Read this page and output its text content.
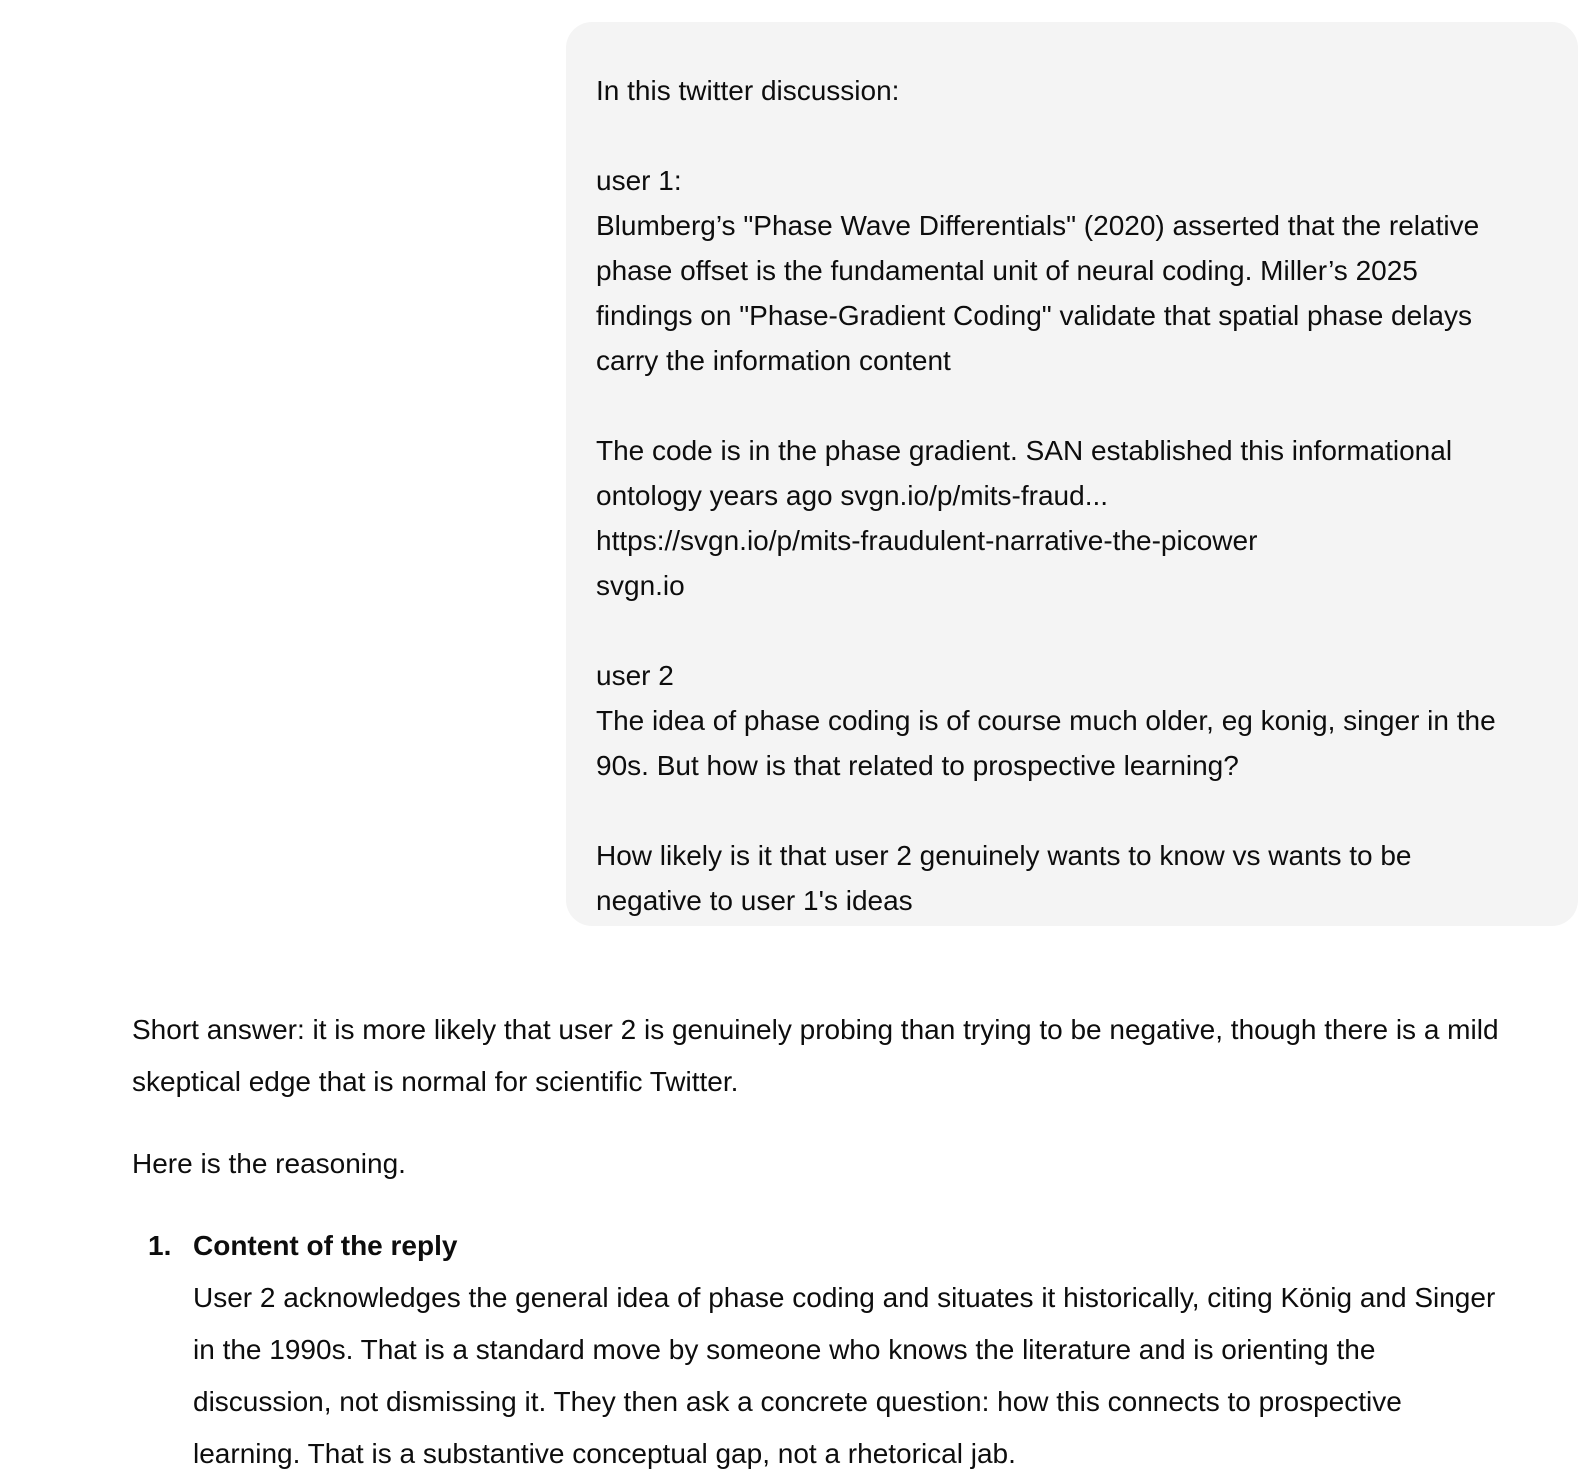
In this twitter discussion:

user 1:

Blumberg’s "Phase Wave Differentials" (2020) asserted that the relative

phase offset is the fundamental unit of neural coding. Miller’s 2025

findings on "Phase-Gradient Coding" validate that spatial phase delays

carry the information content

The code is in the phase gradient. SAN established this informational

ontology years ago svgn.io/p/mits-fraud...

https://svgn.io/p/mits-fraudulent-narrative-the-picower

svgn.io

user 2

The idea of phase coding is of course much older, eg konig, singer in the

90s. But how is that related to prospective learning?

How likely is it that user 2 genuinely wants to know vs wants to be

negative to user 1's ideas

Short answer: it is more likely that user 2 is genuinely probing than trying to be negative, though there is a mild

skeptical edge that is normal for scientific Twitter.

Here is the reasoning.

1. Content of the reply

User 2 acknowledges the general idea of phase coding and situates it historically, citing König and Singer

in the 1990s. That is a standard move by someone who knows the literature and is orienting the

discussion, not dismissing it. They then ask a concrete question: how this connects to prospective

learning. That is a substantive conceptual gap, not a rhetorical jab.
